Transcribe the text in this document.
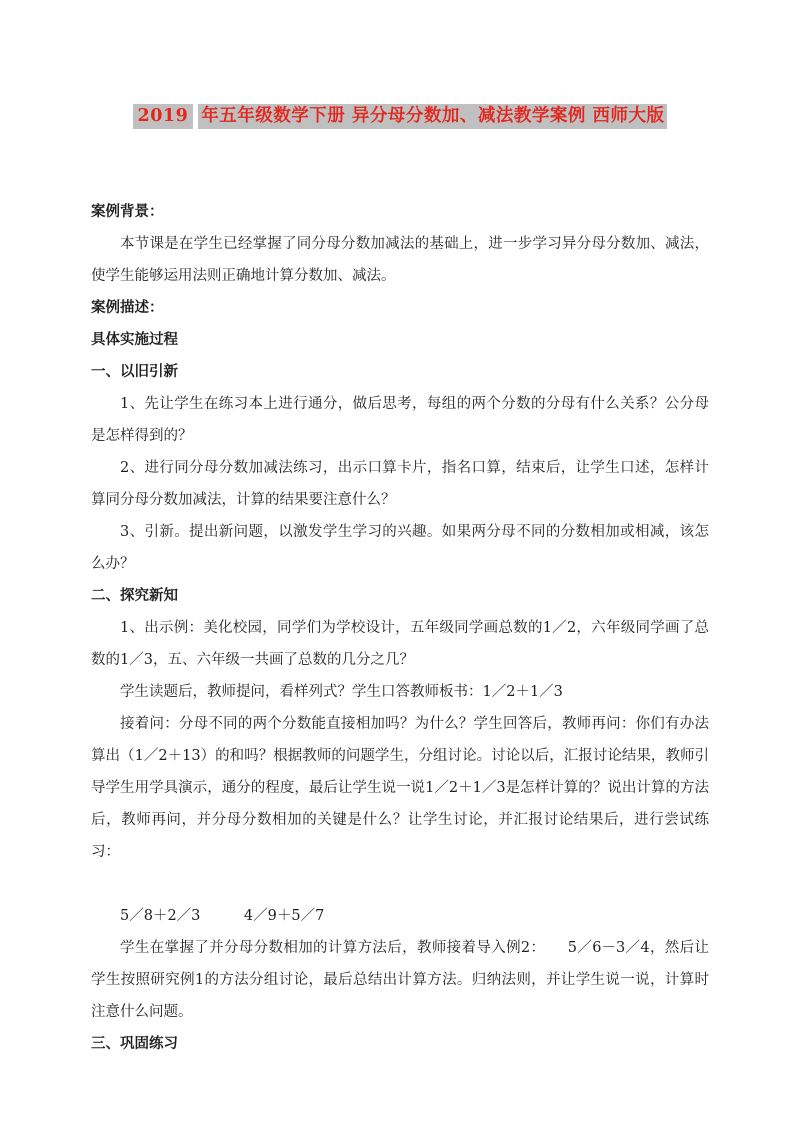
2019 年五年级数学下册 异分母分数加、减法教学案例 西师大版

案例背景：

本节课是在学生已经掌握了同分母分数加减法的基础上，进一步学习异分母分数加、减法，使学生能够运用法则正确地计算分数加、减法。

案例描述：

具体实施过程

一、以旧引新

1、先让学生在练习本上进行通分，做后思考，每组的两个分数的分母有什么关系？公分母是怎样得到的？

2、进行同分母分数加减法练习，出示口算卡片，指名口算，结束后，让学生口述，怎样计算同分母分数加减法，计算的结果要注意什么？

3、引新。提出新问题，以激发学生学习的兴趣。如果两分母不同的分数相加或相减，该怎么办？

二、探究新知

1、出示例：美化校园，同学们为学校设计，五年级同学画总数的1／2，六年级同学画了总数的1／3，五、六年级一共画了总数的几分之几？

学生读题后，教师提问，看样列式？学生口答教师板书：1／2＋1／3

接着问：分母不同的两个分数能直接相加吗？为什么？学生回答后，教师再问：你们有办法算出（1／2＋13）的和吗？根据教师的问题学生，分组讨论。讨论以后，汇报讨论结果，教师引导学生用学具演示，通分的程度，最后让学生说一说1／2＋1／3是怎样计算的？说出计算的方法后，教师再问，并分母分数相加的关键是什么？让学生讨论，并汇报讨论结果后，进行尝试练习：

5／8＋2／3　　　4／9＋5／7

学生在掌握了并分母分数相加的计算方法后，教师接着导入例2：　　5／6－3／4，然后让学生按照研究例1的方法分组讨论，最后总结出计算方法。归纳法则，并让学生说一说，计算时注意什么问题。

三、巩固练习
